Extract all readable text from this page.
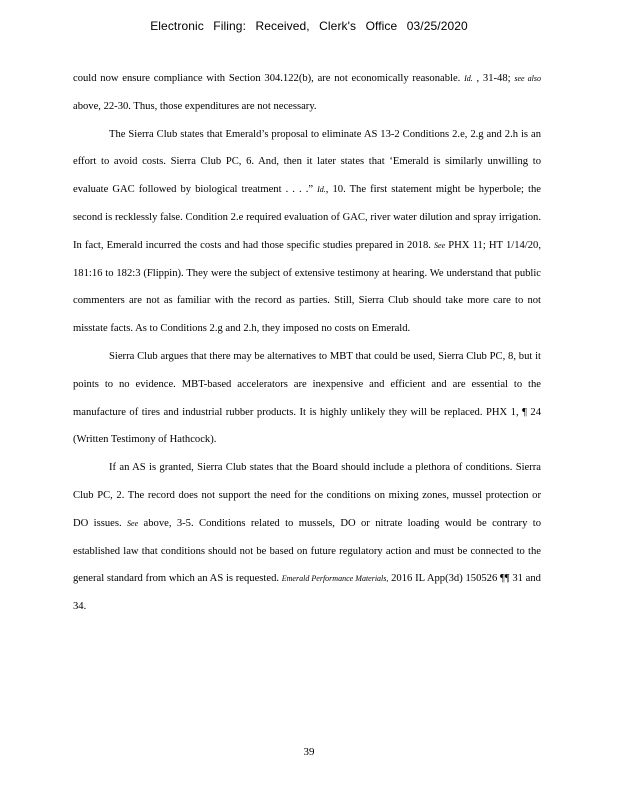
Electronic Filing: Received, Clerk's Office 03/25/2020

could now ensure compliance with Section 304.122(b), are not economically reasonable. Id. , 31-48; see also above, 22-30. Thus, those expenditures are not necessary.

The Sierra Club states that Emerald’s proposal to eliminate AS 13-2 Conditions 2.e, 2.g and 2.h is an effort to avoid costs. Sierra Club PC, 6. And, then it later states that ‘Emerald is similarly unwilling to evaluate GAC followed by biological treatment . . . .” Id., 10. The first statement might be hyperbole; the second is recklessly false. Condition 2.e required evaluation of GAC, river water dilution and spray irrigation. In fact, Emerald incurred the costs and had those specific studies prepared in 2018. See PHX 11; HT 1/14/20, 181:16 to 182:3 (Flippin). They were the subject of extensive testimony at hearing. We understand that public commenters are not as familiar with the record as parties. Still, Sierra Club should take more care to not misstate facts. As to Conditions 2.g and 2.h, they imposed no costs on Emerald.

Sierra Club argues that there may be alternatives to MBT that could be used, Sierra Club PC, 8, but it points to no evidence. MBT-based accelerators are inexpensive and efficient and are essential to the manufacture of tires and industrial rubber products. It is highly unlikely they will be replaced. PHX 1, ¶ 24 (Written Testimony of Hathcock).

If an AS is granted, Sierra Club states that the Board should include a plethora of conditions. Sierra Club PC, 2. The record does not support the need for the conditions on mixing zones, mussel protection or DO issues. See above, 3-5. Conditions related to mussels, DO or nitrate loading would be contrary to established law that conditions should not be based on future regulatory action and must be connected to the general standard from which an AS is requested. Emerald Performance Materials, 2016 IL App(3d) 150526 ¶¶ 31 and 34.

39
